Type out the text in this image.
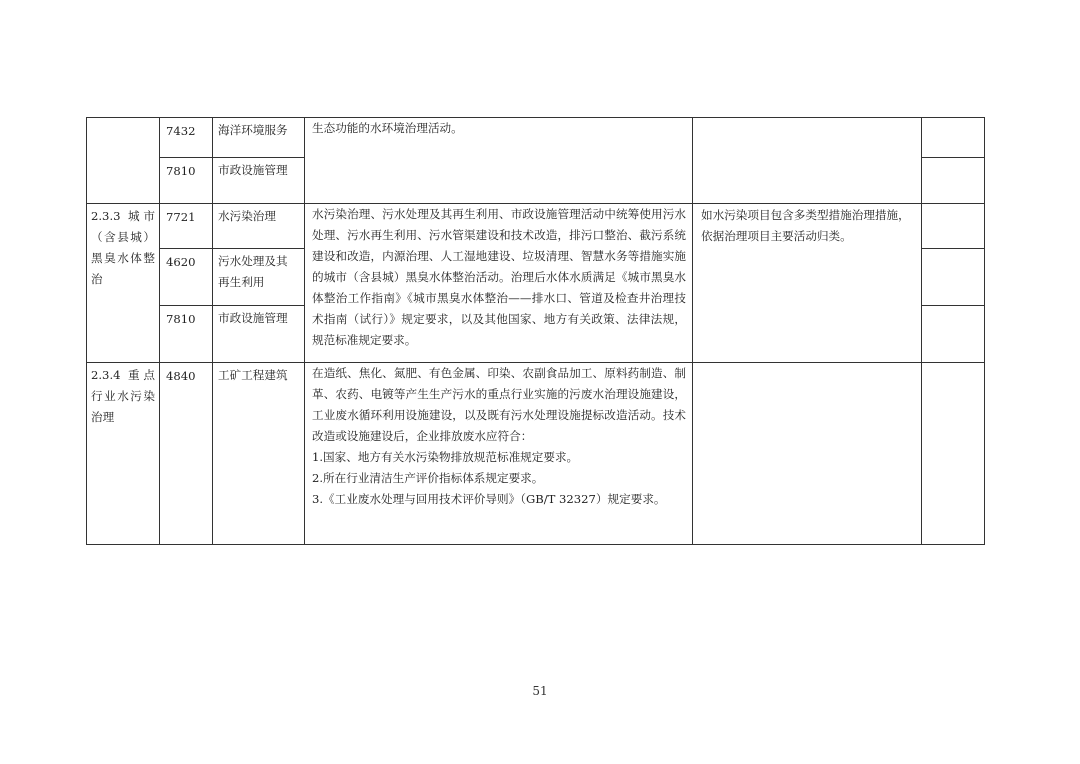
	7432	海洋环境服务	生态功能的水环境治理活动。		
	7810	市政设施管理			
2.3.3 城市（含县城）黑臭水体整治	7721	水污染治理	水污染治理、污水处理及其再生利用、市政设施管理活动中统筹使用污水处理、污水再生利用、污水管渠建设和技术改造，排污口整治、截污系统建设和改造，内源治理、人工湿地建设、垃圾清理、智慧水务等措施实施的城市（含县城）黑臭水体整治活动。治理后水体水质满足《城市黑臭水体整治工作指南》《城市黑臭水体整治——排水口、管道及检查井治理技术指南（试行）》规定要求，以及其他国家、地方有关政策、法律法规，规范标准规定要求。	如水污染项目包含多类型措施治理措施，依据治理项目主要活动归类。	
	4620	污水处理及其再生利用			
	7810	市政设施管理			
2.3.4 重点行业水污染治理	4840	工矿工程建筑	在造纸、焦化、氮肥、有色金属、印染、农副食品加工、原料药制造、制革、农药、电镀等产生生产污水的重点行业实施的污废水治理设施建设，工业废水循环利用设施建设，以及既有污水处理设施提标改造活动。技术改造或设施建设后，企业排放废水应符合：
1.国家、地方有关水污染物排放规范标准规定要求。
2.所在行业清洁生产评价指标体系规定要求。
3.《工业废水处理与回用技术评价导则》（GB/T 32327）规定要求。		

51
